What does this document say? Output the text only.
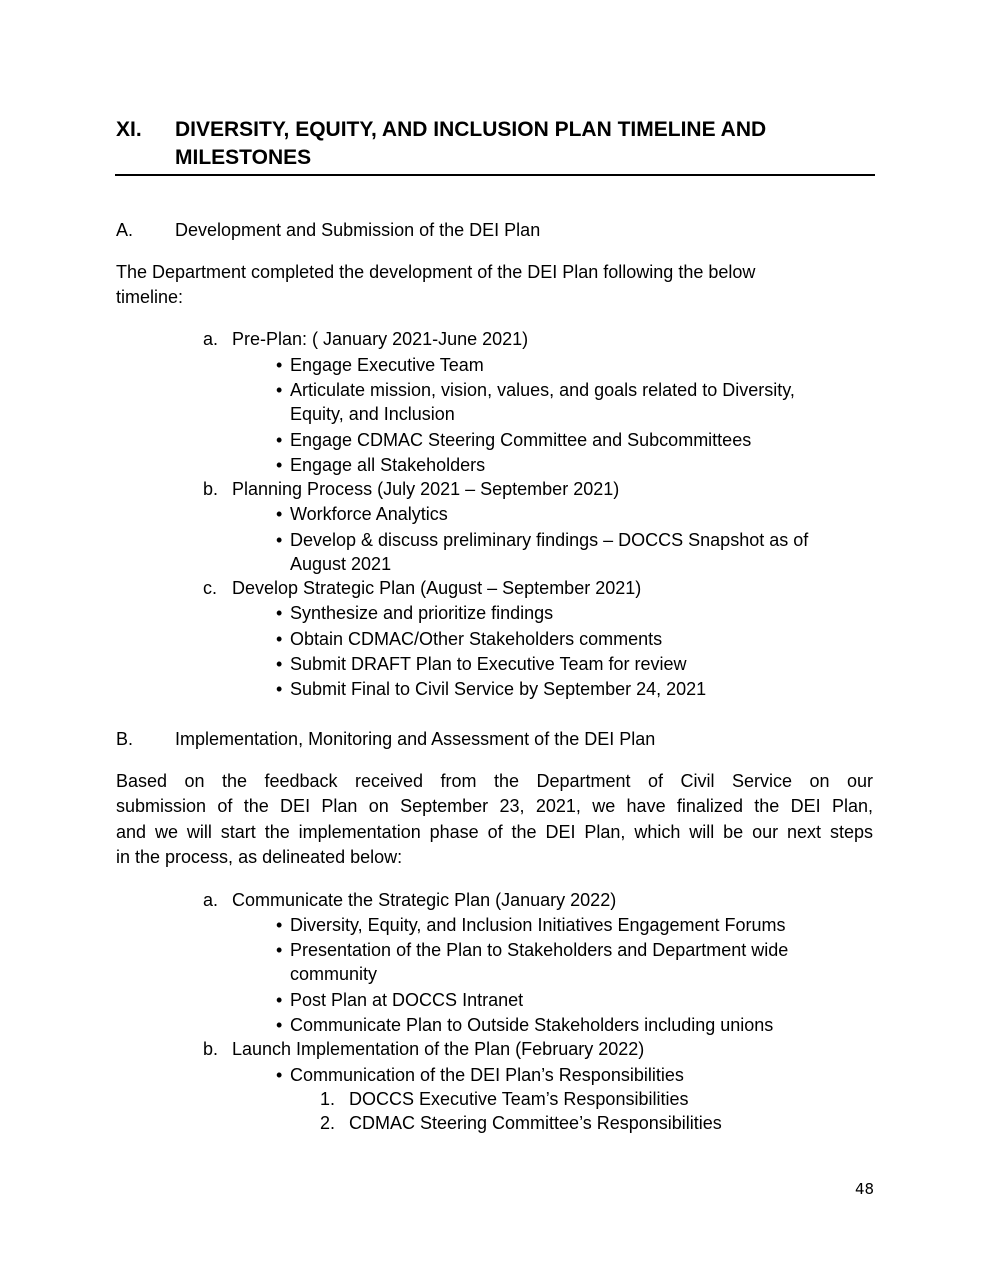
XI. DIVERSITY, EQUITY, AND INCLUSION PLAN TIMELINE AND
MILESTONES
A. Development and Submission of the DEI Plan
The Department completed the development of the DEI Plan following the below
timeline:
a. Pre-Plan: ( January 2021-June 2021)
• Engage Executive Team
• Articulate mission, vision, values, and goals related to Diversity,
Equity, and Inclusion
• Engage CDMAC Steering Committee and Subcommittees
• Engage all Stakeholders
b. Planning Process (July 2021 – September 2021)
• Workforce Analytics
• Develop & discuss preliminary findings – DOCCS Snapshot as of
August 2021
c. Develop Strategic Plan (August – September 2021)
• Synthesize and prioritize findings
• Obtain CDMAC/Other Stakeholders comments
• Submit DRAFT Plan to Executive Team for review
• Submit Final to Civil Service by September 24, 2021
B. Implementation, Monitoring and Assessment of the DEI Plan
Based on the feedback received from the Department of Civil Service on our
submission of the DEI Plan on September 23, 2021, we have finalized the DEI Plan,
and we will start the implementation phase of the DEI Plan, which will be our next steps
in the process, as delineated below:
a. Communicate the Strategic Plan (January 2022)
• Diversity, Equity, and Inclusion Initiatives Engagement Forums
• Presentation of the Plan to Stakeholders and Department wide
community
• Post Plan at DOCCS Intranet
• Communicate Plan to Outside Stakeholders including unions
b. Launch Implementation of the Plan (February 2022)
• Communication of the DEI Plan’s Responsibilities
1. DOCCS Executive Team’s Responsibilities
2. CDMAC Steering Committee’s Responsibilities
48
